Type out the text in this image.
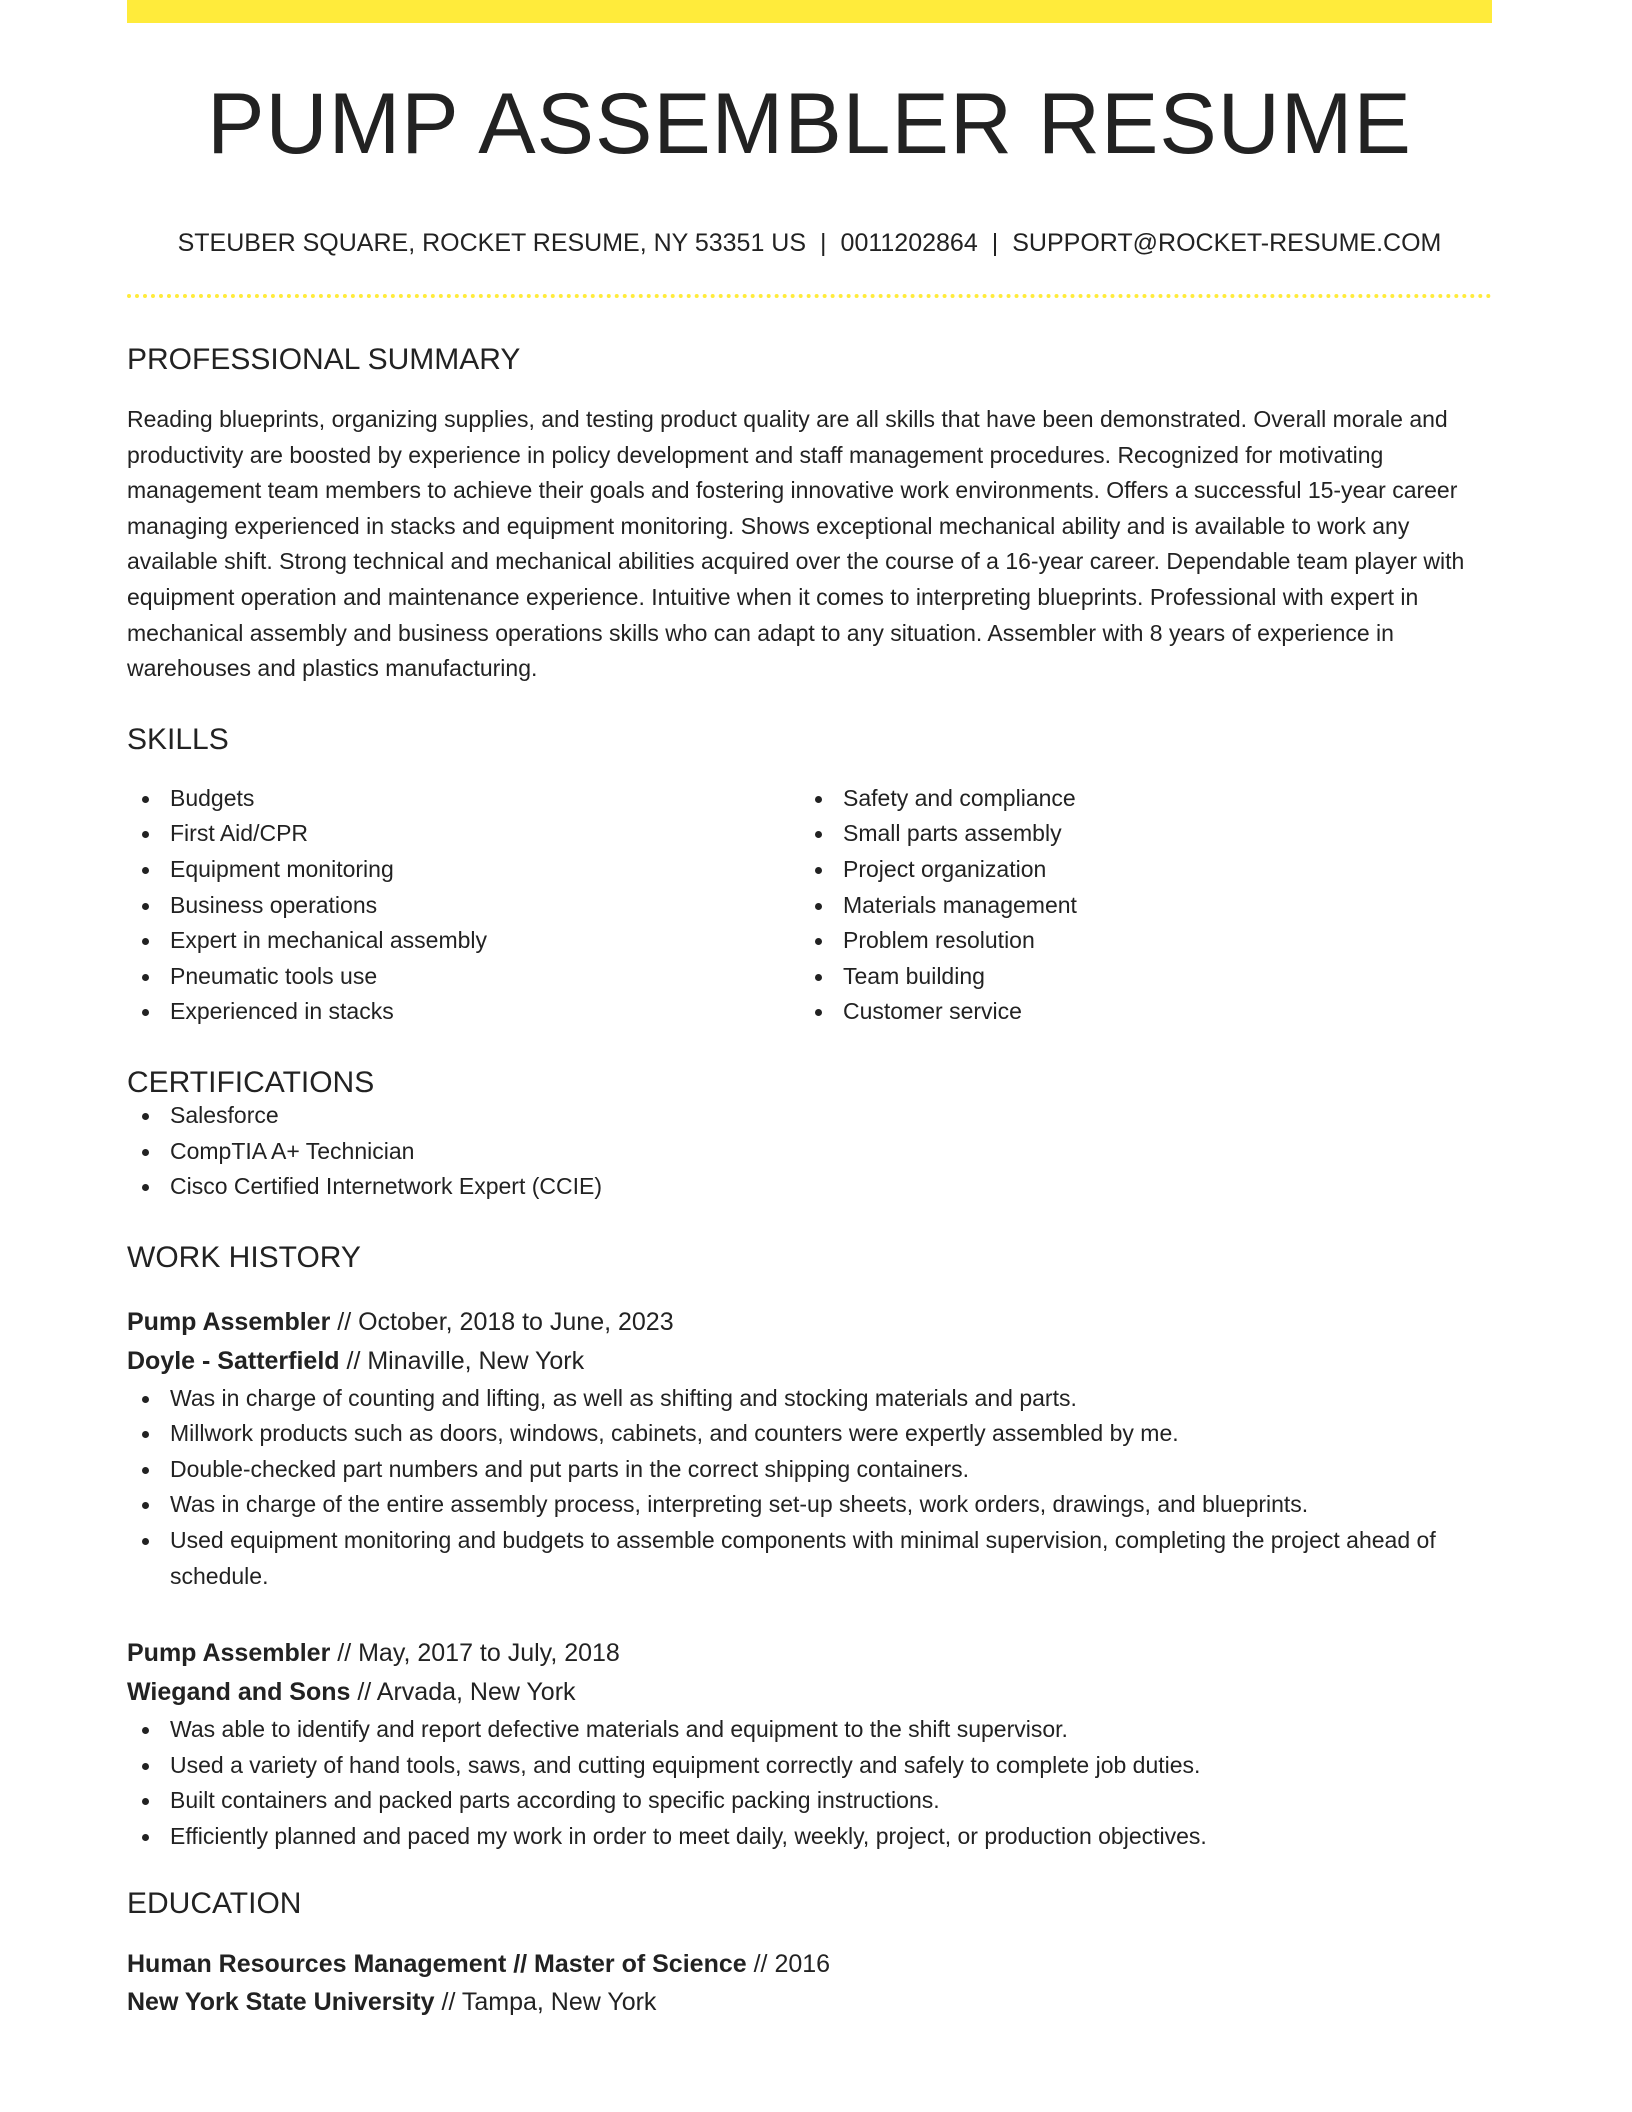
PUMP ASSEMBLER RESUME
STEUBER SQUARE, ROCKET RESUME, NY 53351 US | 0011202864 | SUPPORT@ROCKET-RESUME.COM
PROFESSIONAL SUMMARY
Reading blueprints, organizing supplies, and testing product quality are all skills that have been demonstrated. Overall morale and productivity are boosted by experience in policy development and staff management procedures. Recognized for motivating management team members to achieve their goals and fostering innovative work environments. Offers a successful 15-year career managing experienced in stacks and equipment monitoring. Shows exceptional mechanical ability and is available to work any available shift. Strong technical and mechanical abilities acquired over the course of a 16-year career. Dependable team player with equipment operation and maintenance experience. Intuitive when it comes to interpreting blueprints. Professional with expert in mechanical assembly and business operations skills who can adapt to any situation. Assembler with 8 years of experience in warehouses and plastics manufacturing.
SKILLS
Budgets
First Aid/CPR
Equipment monitoring
Business operations
Expert in mechanical assembly
Pneumatic tools use
Experienced in stacks
Safety and compliance
Small parts assembly
Project organization
Materials management
Problem resolution
Team building
Customer service
CERTIFICATIONS
Salesforce
CompTIA A+ Technician
Cisco Certified Internetwork Expert (CCIE)
WORK HISTORY
Pump Assembler // October, 2018 to June, 2023
Doyle - Satterfield // Minaville, New York
Was in charge of counting and lifting, as well as shifting and stocking materials and parts.
Millwork products such as doors, windows, cabinets, and counters were expertly assembled by me.
Double-checked part numbers and put parts in the correct shipping containers.
Was in charge of the entire assembly process, interpreting set-up sheets, work orders, drawings, and blueprints.
Used equipment monitoring and budgets to assemble components with minimal supervision, completing the project ahead of schedule.
Pump Assembler // May, 2017 to July, 2018
Wiegand and Sons // Arvada, New York
Was able to identify and report defective materials and equipment to the shift supervisor.
Used a variety of hand tools, saws, and cutting equipment correctly and safely to complete job duties.
Built containers and packed parts according to specific packing instructions.
Efficiently planned and paced my work in order to meet daily, weekly, project, or production objectives.
EDUCATION
Human Resources Management // Master of Science // 2016
New York State University // Tampa, New York
